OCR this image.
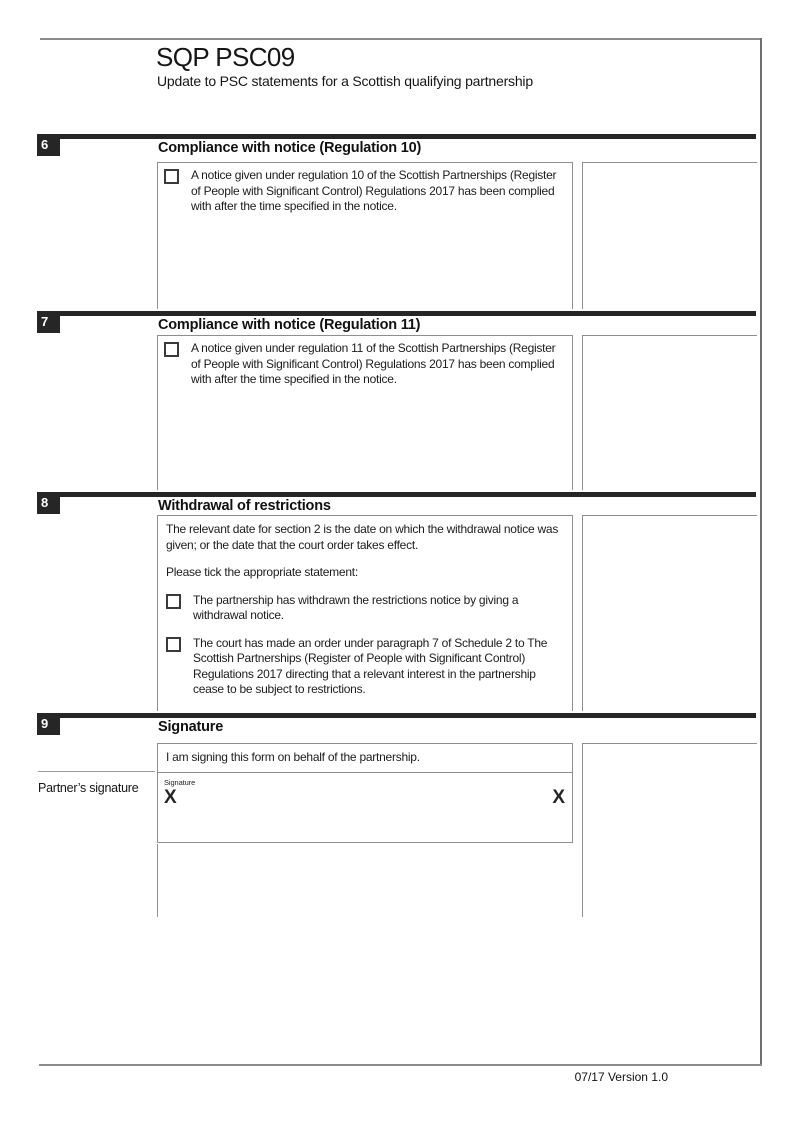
SQP PSC09
Update to PSC statements for a Scottish qualifying partnership
6	Compliance with notice (Regulation 10)
A notice given under regulation 10 of the Scottish Partnerships (Register of People with Significant Control) Regulations 2017 has been complied with after the time specified in the notice.
7	Compliance with notice (Regulation 11)
A notice given under regulation 11 of the Scottish Partnerships (Register of People with Significant Control) Regulations 2017 has been complied with after the time specified in the notice.
8	Withdrawal of restrictions

The relevant date for section 2 is the date on which the withdrawal notice was given; or the date that the court order takes effect.

Please tick the appropriate statement:

The partnership has withdrawn the restrictions notice by giving a withdrawal notice.
The court has made an order under paragraph 7 of Schedule 2 to The Scottish Partnerships (Register of People with Significant Control) Regulations 2017 directing that a relevant interest in the partnership cease to be subject to restrictions.
9	Signature
I am signing this form on behalf of the partnership.
Partner’s signature	Signature
X	X
07/17 Version 1.0
